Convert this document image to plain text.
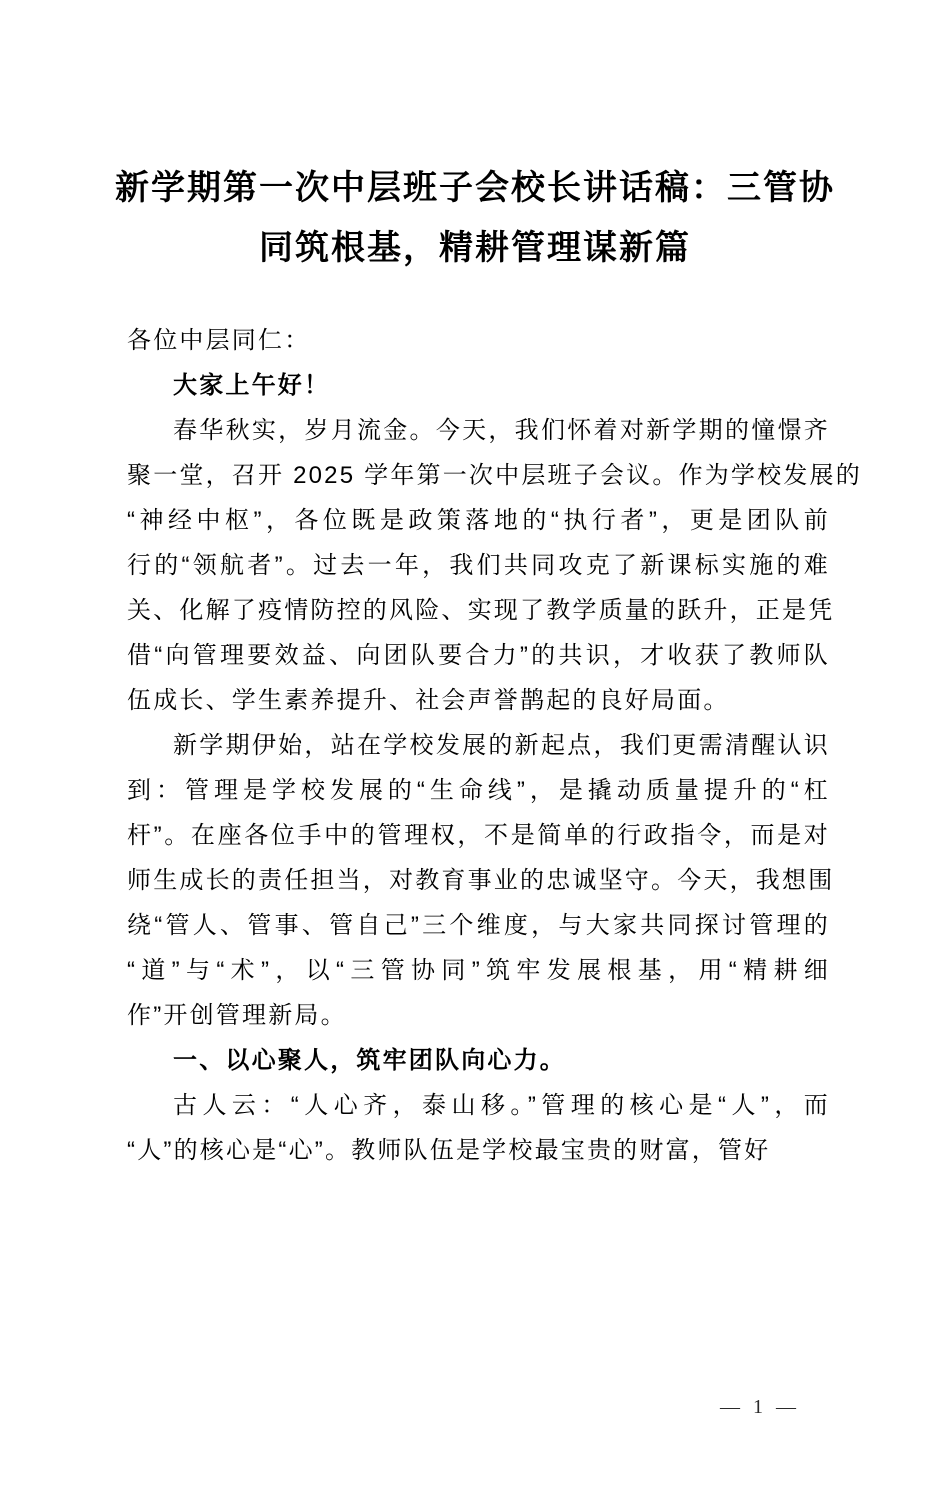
新学期第一次中层班子会校长讲话稿：三管协
同筑根基，精耕管理谋新篇
各位中层同仁：
大家上午好！
春华秋实，岁月流金。今天，我们怀着对新学期的憧憬齐
聚一堂，召开 2025 学年第一次中层班子会议。作为学校发展的
“神经中枢”，各位既是政策落地的“执行者”，更是团队前
行的“领航者”。过去一年，我们共同攻克了新课标实施的难
关、化解了疫情防控的风险、实现了教学质量的跃升，正是凭
借“向管理要效益、向团队要合力”的共识，才收获了教师队
伍成长、学生素养提升、社会声誉鹊起的良好局面。
新学期伊始，站在学校发展的新起点，我们更需清醒认识
到：管理是学校发展的“生命线”，是撬动质量提升的“杠
杆”。在座各位手中的管理权，不是简单的行政指令，而是对
师生成长的责任担当，对教育事业的忠诚坚守。今天，我想围
绕“管人、管事、管自己”三个维度，与大家共同探讨管理的
“道”与“术”，以“三管协同”筑牢发展根基，用“精耕细
作”开创管理新局。
一、以心聚人，筑牢团队向心力。
古人云：“人心齐，泰山移。”管理的核心是“人”，而
“人”的核心是“心”。教师队伍是学校最宝贵的财富，管好
— 1 —
